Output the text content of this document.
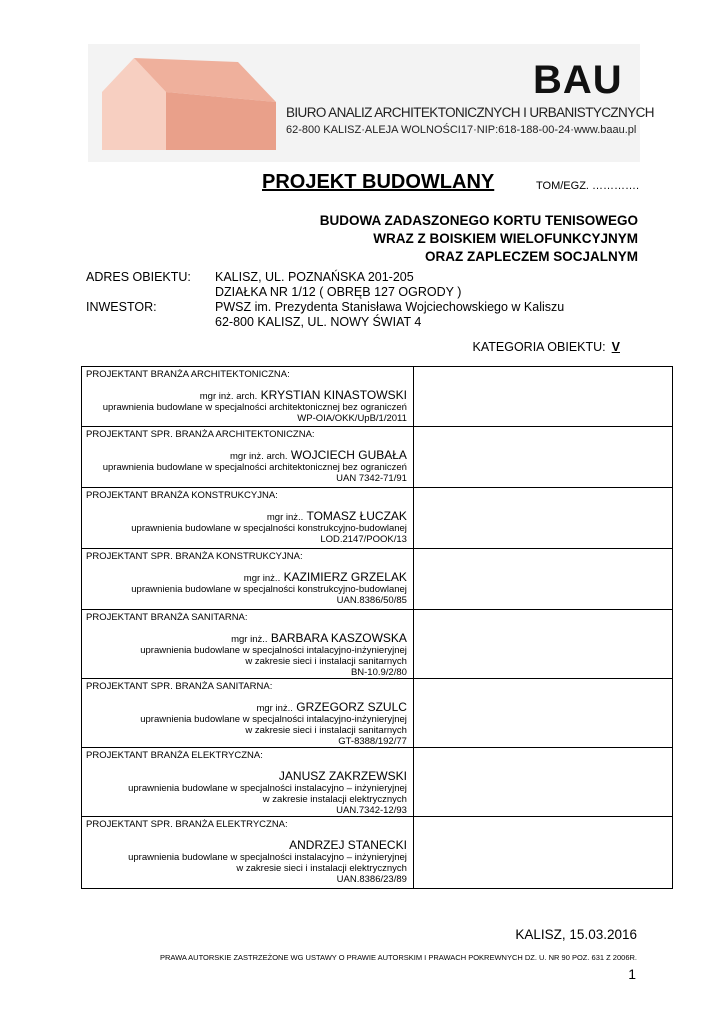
BAU
BIURO ANALIZ ARCHITEKTONICZNYCH I URBANISTYCZNYCH
62-800 KALISZ·ALEJA WOLNOŚCI17·NIP:618-188-00-24·www.baau.pl
PROJEKT BUDOWLANY	TOM/EGZ. ………….
BUDOWA ZADASZONEGO KORTU TENISOWEGO
WRAZ Z BOISKIEM WIELOFUNKCYJNYM
ORAZ ZAPLECZEM SOCJALNYM
ADRES OBIEKTU: KALISZ, UL. POZNAŃSKA 201-205
DZIAŁKA NR 1/12 ( OBRĘB 127 OGRODY )
INWESTOR:	PWSZ im. Prezydenta Stanisława Wojciechowskiego w Kaliszu
62-800 KALISZ, UL. NOWY ŚWIAT 4
KATEGORIA OBIEKTU: V
PROJEKTANT BRANŻA ARCHITEKTONICZNA:
mgr inż. arch. KRYSTIAN KINASTOWSKI
uprawnienia budowlane w specjalności architektonicznej bez ograniczeń
WP-OIA/OKK/UpB/1/2011	

PROJEKTANT SPR. BRANŻA ARCHITEKTONICZNA:
mgr inż. arch. WOJCIECH GUBAŁA
uprawnienia budowlane w specjalności architektonicznej bez ograniczeń
UAN 7342-71/91	

PROJEKTANT BRANŻA KONSTRUKCYJNA:
mgr inż.. TOMASZ ŁUCZAK
uprawnienia budowlane w specjalności konstrukcyjno-budowlanej
LOD.2147/POOK/13	

PROJEKTANT SPR. BRANŻA KONSTRUKCYJNA:
mgr inż.. KAZIMIERZ GRZELAK
uprawnienia budowlane w specjalności konstrukcyjno-budowlanej
UAN.8386/50/85	

PROJEKTANT BRANŻA SANITARNA:
mgr inż.. BARBARA KASZOWSKA
uprawnienia budowlane w specjalności intalacyjno-inżynieryjnej
w zakresie sieci i instalacji sanitarnych
BN-10.9/2/80	

PROJEKTANT SPR. BRANŻA SANITARNA:
mgr inż.. GRZEGORZ SZULC
uprawnienia budowlane w specjalności intalacyjno-inżynieryjnej
w zakresie sieci i instalacji sanitarnych
GT-8388/192/77	

PROJEKTANT BRANŻA ELEKTRYCZNA:
JANUSZ ZAKRZEWSKI
uprawnienia budowlane w specjalności instalacyjno – inżynieryjnej
w zakresie instalacji elektrycznych
UAN.7342-12/93	

PROJEKTANT SPR. BRANŻA ELEKTRYCZNA:
ANDRZEJ STANECKI
uprawnienia budowlane w specjalności instalacyjno – inżynieryjnej
w zakresie sieci i instalacji elektrycznych
UAN.8386/23/89	

KALISZ, 15.03.2016
PRAWA AUTORSKIE ZASTRZEŻONE WG USTAWY O PRAWIE AUTORSKIM I PRAWACH POKREWNYCH DZ. U. NR 90 POZ. 631 Z 2006R.
1
